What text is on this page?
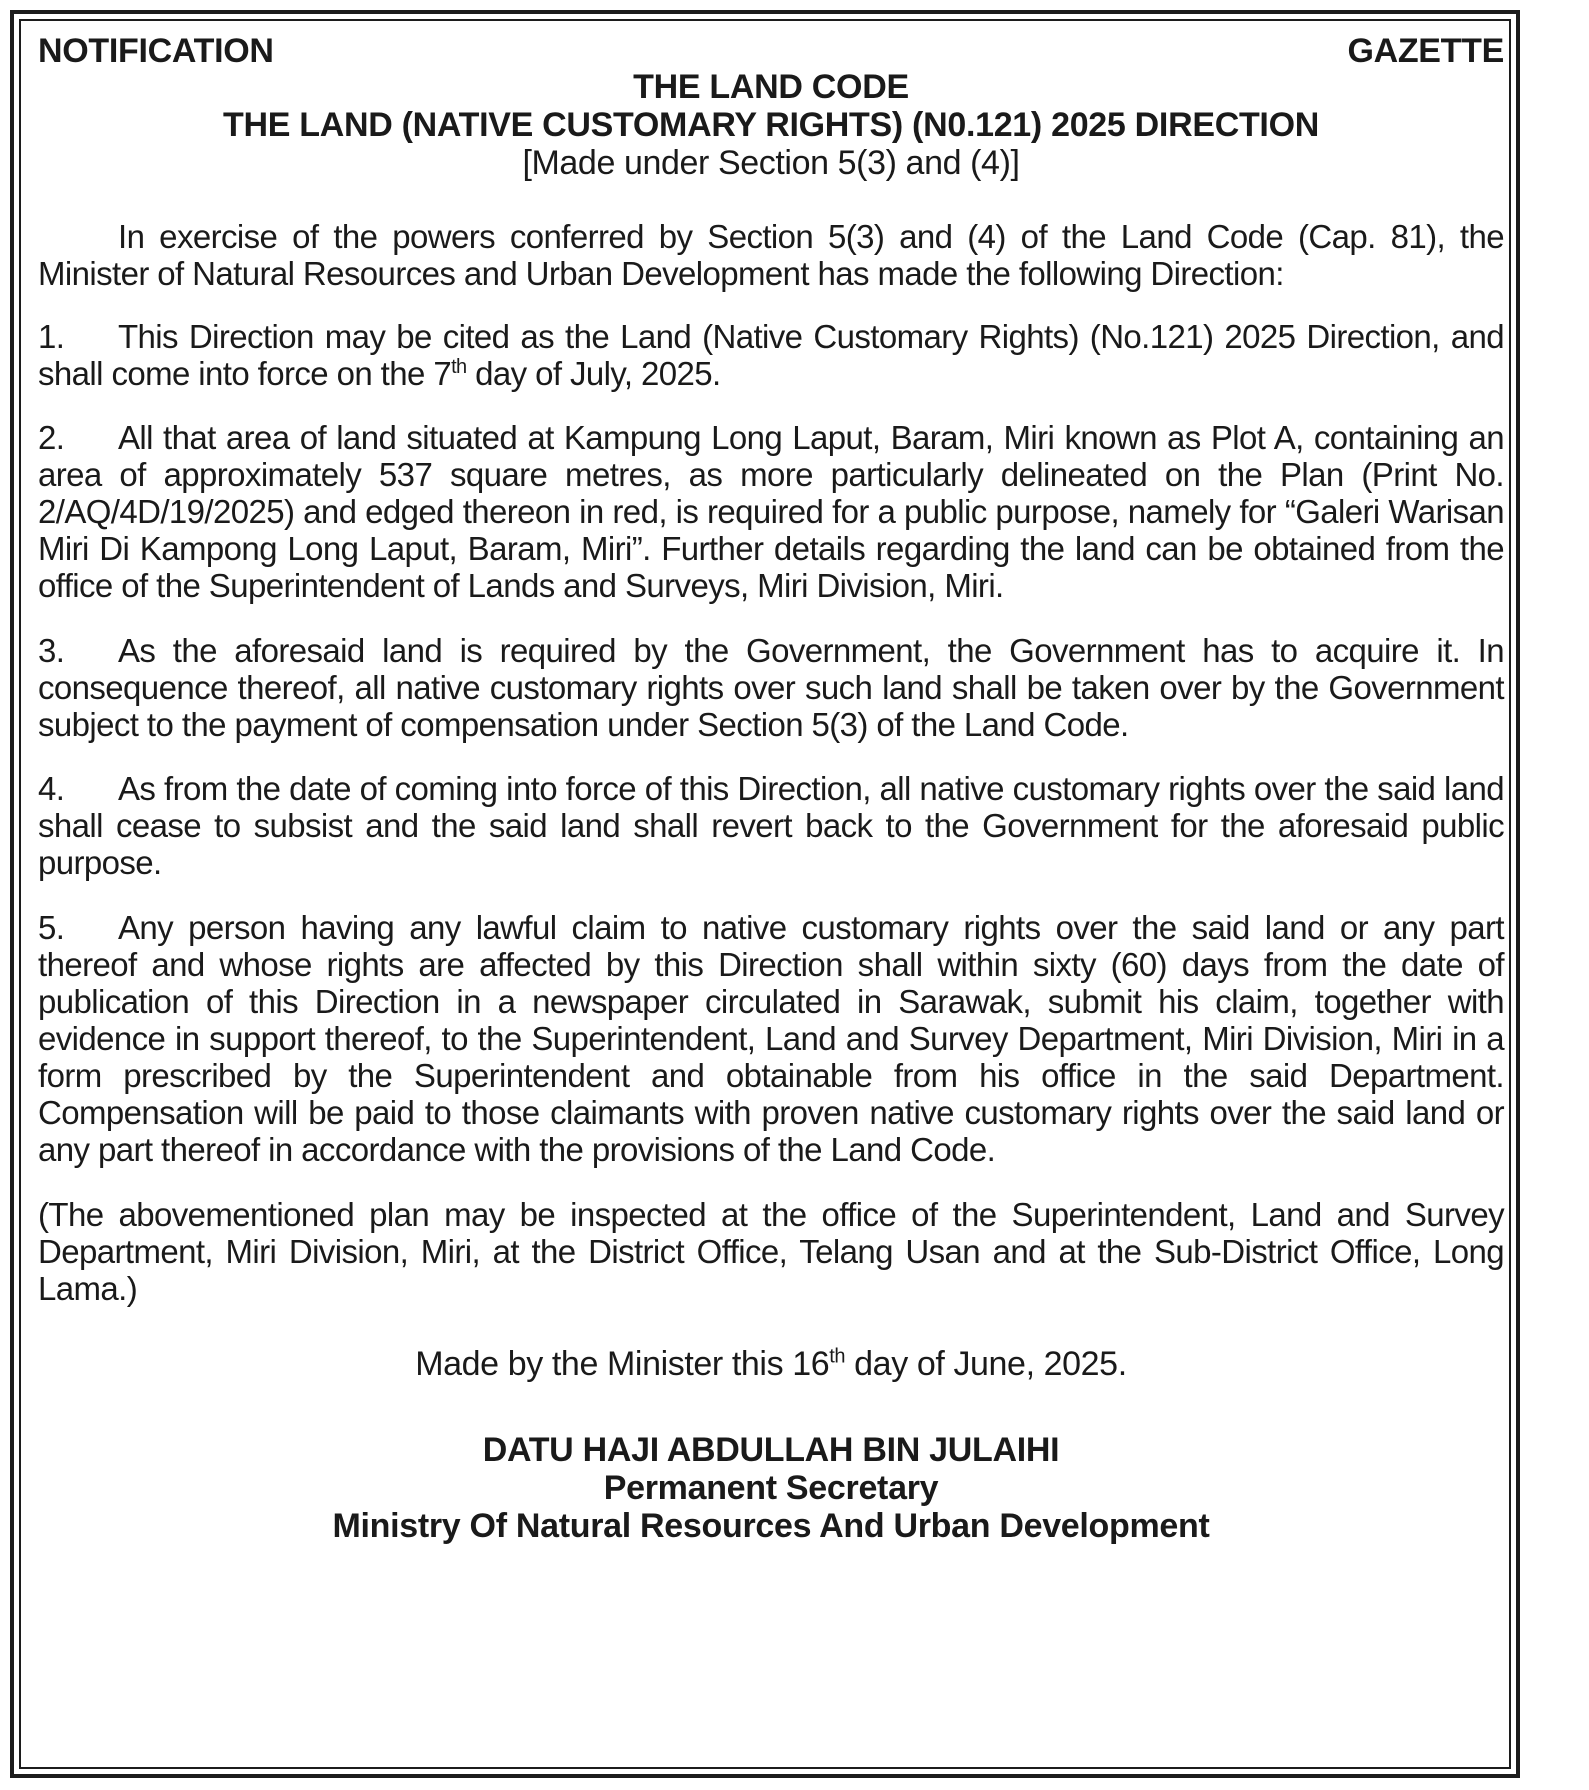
NOTIFICATION	GAZETTE
THE LAND CODE
THE LAND (NATIVE CUSTOMARY RIGHTS) (N0.121) 2025 DIRECTION
[Made under Section 5(3) and (4)]

In exercise of the powers conferred by Section 5(3) and (4) of the Land Code (Cap. 81), the Minister of Natural Resources and Urban Development has made the following Direction:

1. This Direction may be cited as the Land (Native Customary Rights) (No.121) 2025 Direction, and shall come into force on the 7th day of July, 2025.

2. All that area of land situated at Kampung Long Laput, Baram, Miri known as Plot A, containing an area of approximately 537 square metres, as more particularly delineated on the Plan (Print No. 2/AQ/4D/19/2025) and edged thereon in red, is required for a public purpose, namely for “Galeri Warisan Miri Di Kampong Long Laput, Baram, Miri”. Further details regarding the land can be obtained from the office of the Superintendent of Lands and Surveys, Miri Division, Miri.

3. As the aforesaid land is required by the Government, the Government has to acquire it. In consequence thereof, all native customary rights over such land shall be taken over by the Government subject to the payment of compensation under Section 5(3) of the Land Code.

4. As from the date of coming into force of this Direction, all native customary rights over the said land shall cease to subsist and the said land shall revert back to the Government for the aforesaid public purpose.

5. Any person having any lawful claim to native customary rights over the said land or any part thereof and whose rights are affected by this Direction shall within sixty (60) days from the date of publication of this Direction in a newspaper circulated in Sarawak, submit his claim, together with evidence in support thereof, to the Superintendent, Land and Survey Department, Miri Division, Miri in a form prescribed by the Superintendent and obtainable from his office in the said Department. Compensation will be paid to those claimants with proven native customary rights over the said land or any part thereof in accordance with the provisions of the Land Code.

(The abovementioned plan may be inspected at the office of the Superintendent, Land and Survey Department, Miri Division, Miri, at the District Office, Telang Usan and at the Sub-District Office, Long Lama.)

Made by the Minister this 16th day of June, 2025.
DATU HAJI ABDULLAH BIN JULAIHI
Permanent Secretary
Ministry Of Natural Resources And Urban Development
